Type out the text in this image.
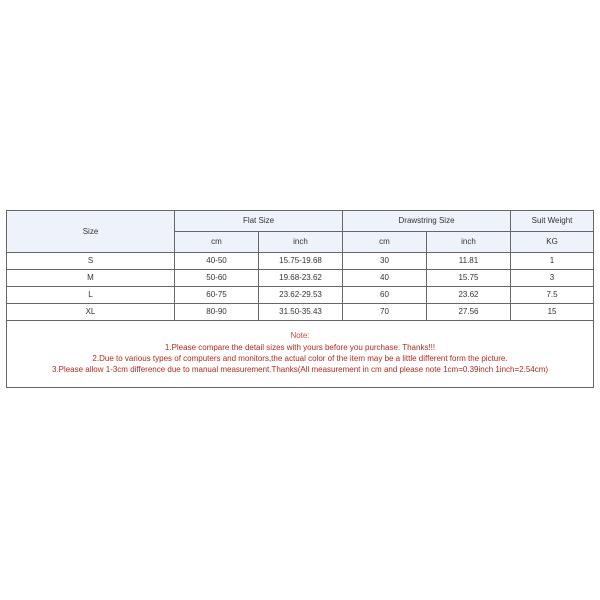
Size	Flat Size		Drawstring Size		Suit Weight
	cm	inch	cm	inch	KG
S	40-50	15.75-19.68	30	11.81	1
M	50-60	19.68-23.62	40	15.75	3
L	60-75	23.62-29.53	60	23.62	7.5
XL	80-90	31.50-35.43	70	27.56	15

Note:
1.Please compare the detail sizes with yours before you purchase. Thanks!!!
2.Due to various types of computers and monitors,the actual color of the item may be a little different form the picture.
3.Please allow 1-3cm difference due to manual measurement.Thanks(All measurement in cm and please note 1cm=0.39inch 1inch=2.54cm)					
